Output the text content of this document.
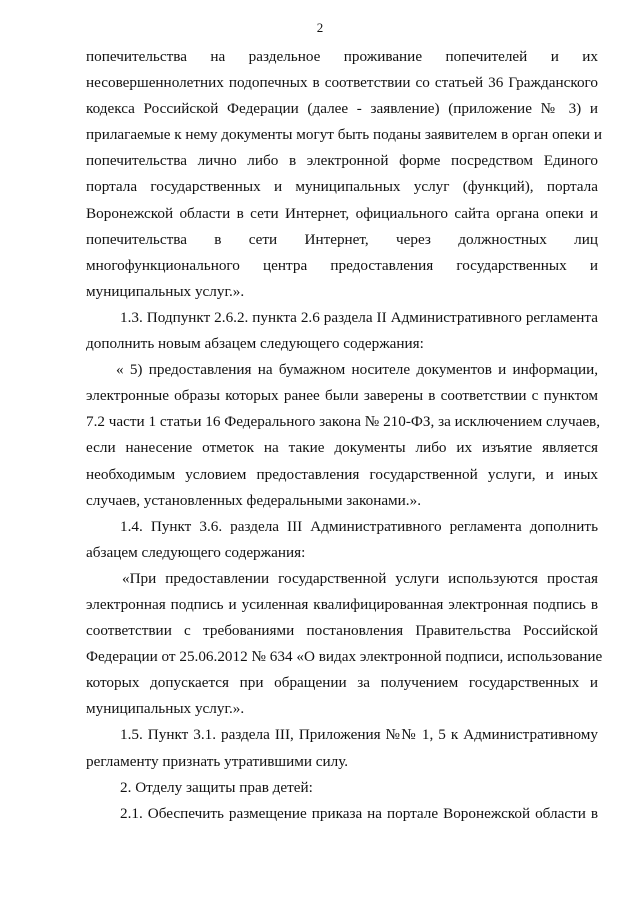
2
попечительства на раздельное проживание попечителей и их
несовершеннолетних подопечных в соответствии со статьей 36 Гражданского
кодекса Российской Федерации (далее - заявление) (приложение № 3) и
прилагаемые к нему документы могут быть поданы заявителем в орган опеки и
попечительства лично либо в электронной форме посредством Единого
портала государственных и муниципальных услуг (функций), портала
Воронежской области в сети Интернет, официального сайта органа опеки и
попечительства в сети Интернет, через должностных лиц
многофункционального центра предоставления государственных и
муниципальных услуг.».
1.3. Подпункт 2.6.2. пункта 2.6 раздела II Административного регламента
дополнить новым абзацем следующего содержания:
« 5) предоставления на бумажном носителе документов и информации,
электронные образы которых ранее были заверены в соответствии с пунктом
7.2 части 1 статьи 16 Федерального закона № 210-ФЗ, за исключением случаев,
если нанесение отметок на такие документы либо их изъятие является
необходимым условием предоставления государственной услуги, и иных
случаев, установленных федеральными законами.».
1.4. Пункт 3.6. раздела III Административного регламента дополнить
абзацем следующего содержания:
«При предоставлении государственной услуги используются простая
электронная подпись и усиленная квалифицированная электронная подпись в
соответствии с требованиями постановления Правительства Российской
Федерации от 25.06.2012 № 634 «О видах электронной подписи, использование
которых допускается при обращении за получением государственных и
муниципальных услуг.».
1.5. Пункт 3.1. раздела III, Приложения №№ 1, 5 к Административному
регламенту признать утратившими силу.
2. Отделу защиты прав детей:
2.1. Обеспечить размещение приказа на портале Воронежской области в
